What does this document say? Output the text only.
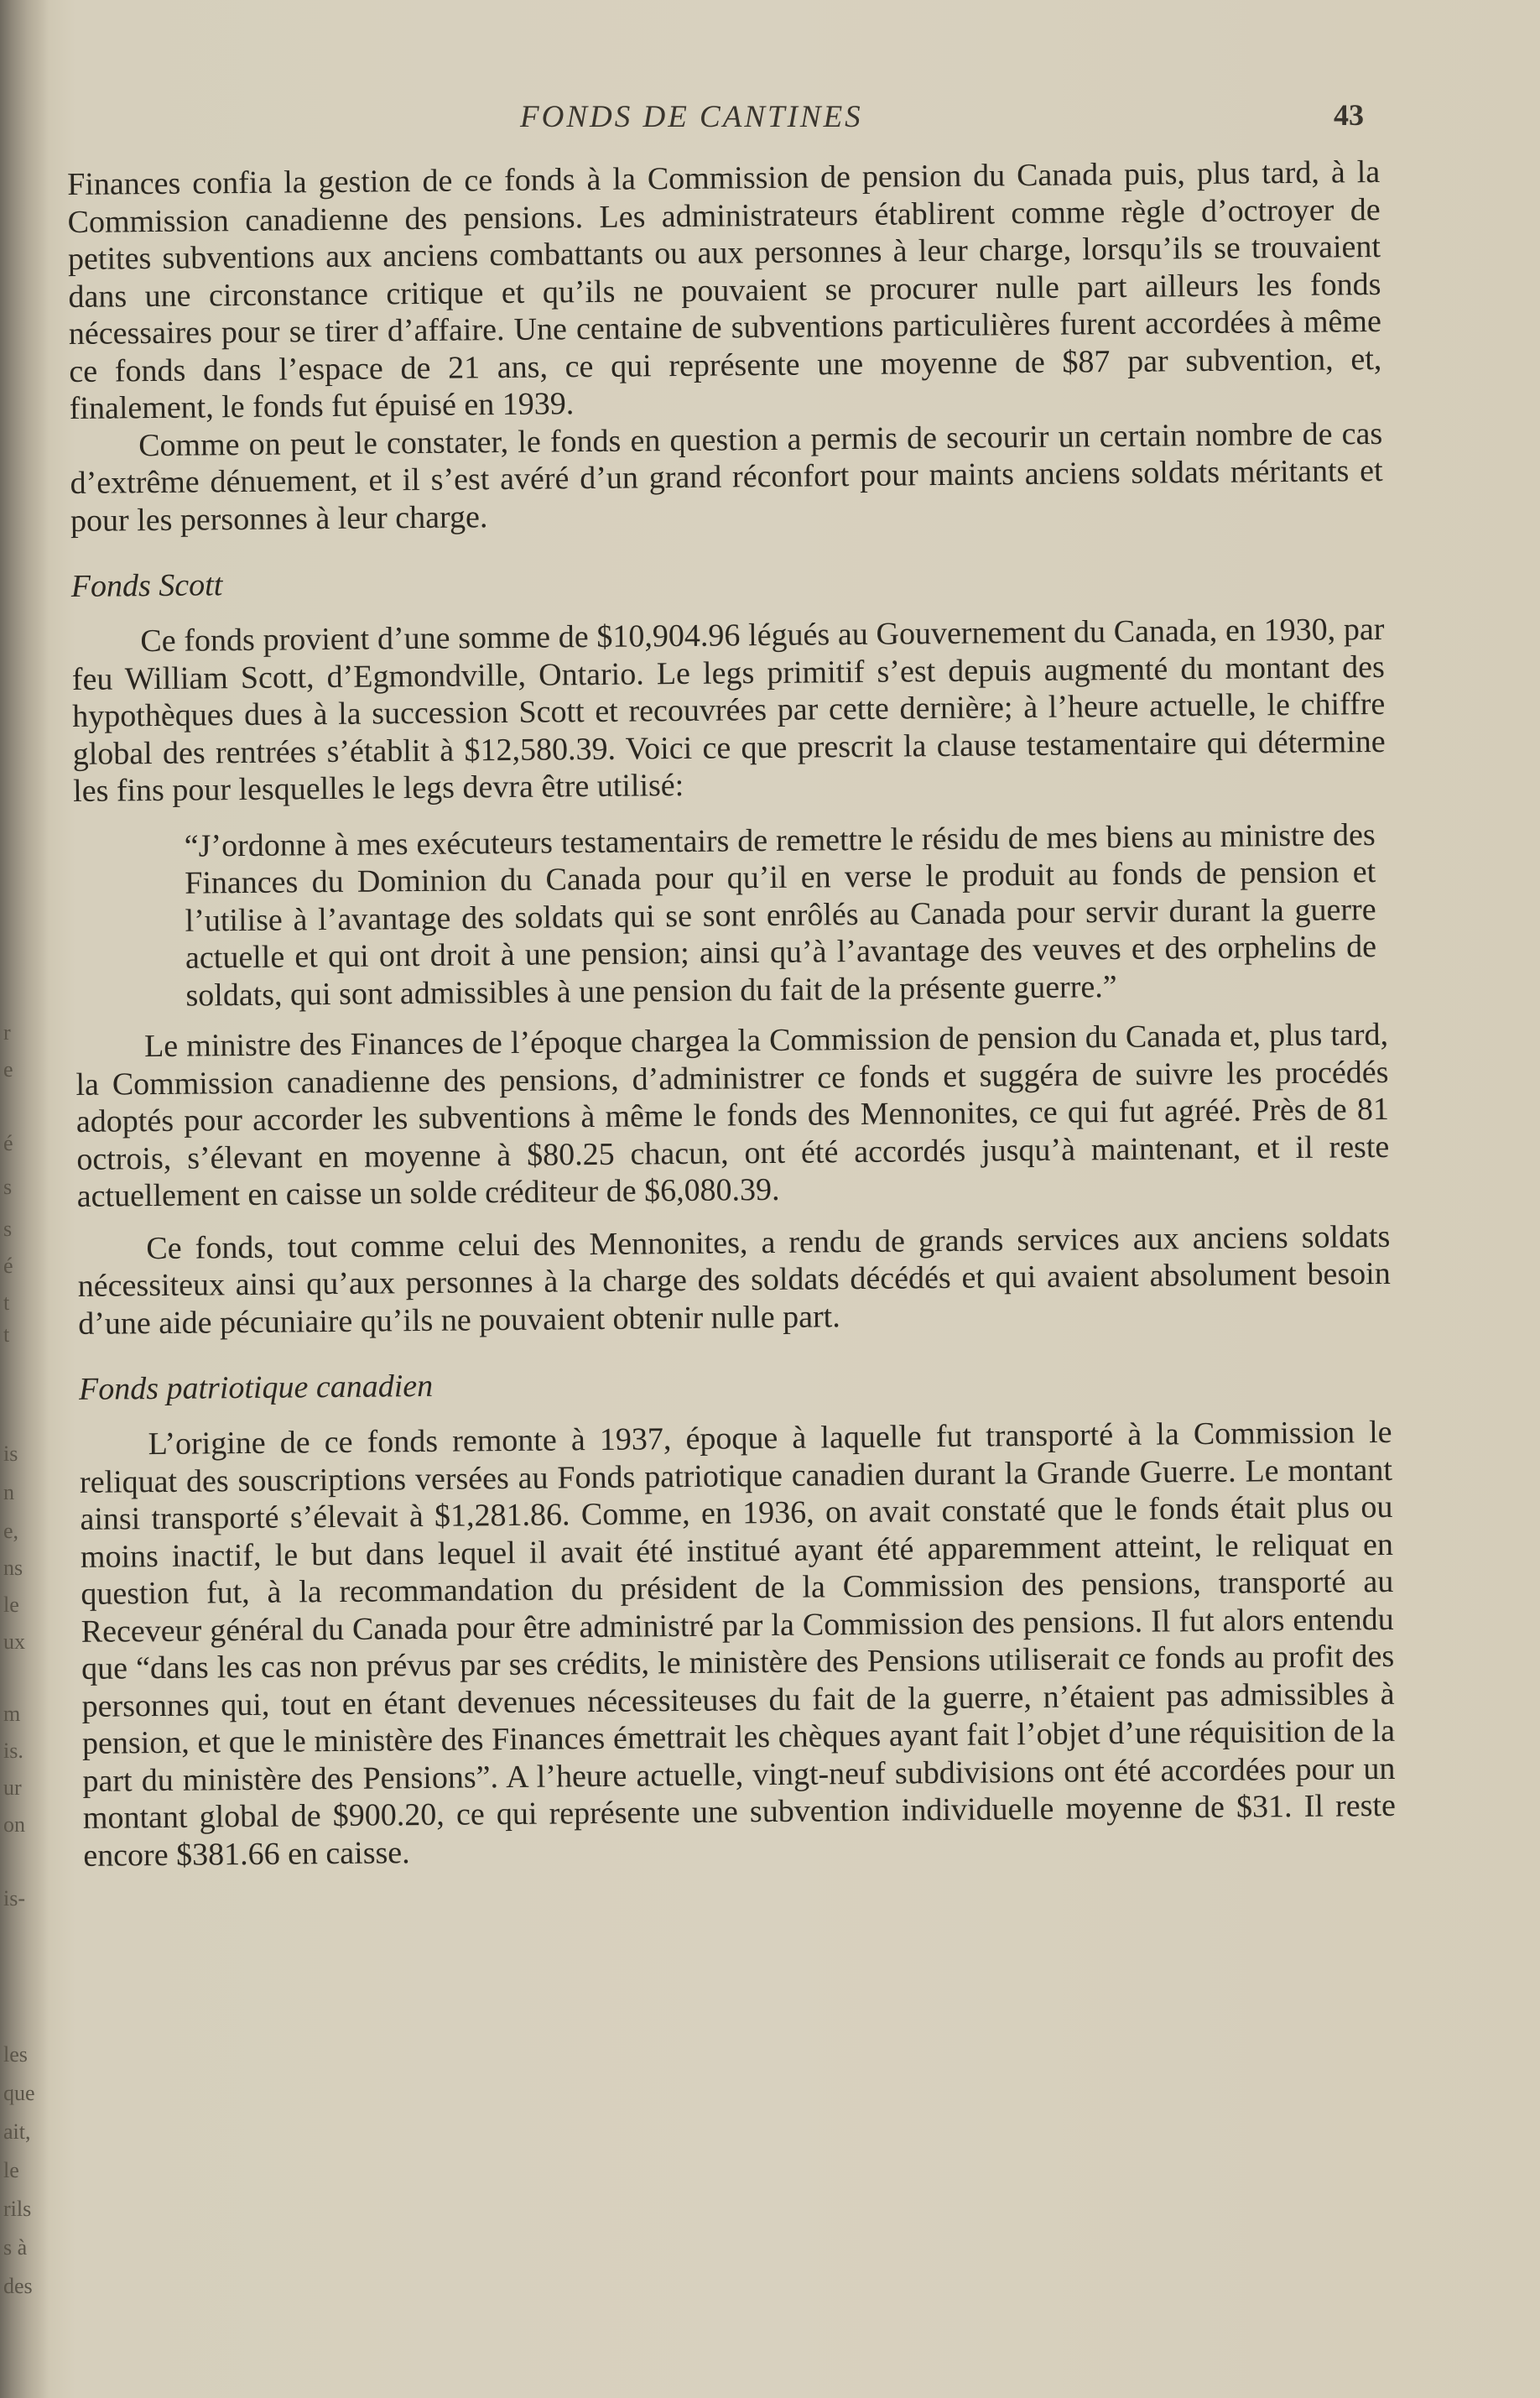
r
e
é
s
s
é
t
t
is
n
e,
ns
le
ux
m
is.
ur
on
is-
les
que
ait,
le
rils
s à
des
FONDS DE CANTINES	43

Finances confia la gestion de ce fonds à la Commission de pension du Canada puis, plus tard, à la Commission canadienne des pensions. Les administrateurs établirent comme règle d’octroyer de petites subventions aux anciens combattants ou aux personnes à leur charge, lorsqu’ils se trouvaient dans une circonstance critique et qu’ils ne pouvaient se procurer nulle part ailleurs les fonds nécessaires pour se tirer d’affaire. Une centaine de subventions particulières furent accordées à même ce fonds dans l’espace de 21 ans, ce qui représente une moyenne de $87 par subvention, et, finalement, le fonds fut épuisé en 1939.

Comme on peut le constater, le fonds en question a permis de secourir un certain nombre de cas d’extrême dénuement, et il s’est avéré d’un grand réconfort pour maints anciens soldats méritants et pour les personnes à leur charge.

Fonds Scott

Ce fonds provient d’une somme de $10,904.96 légués au Gouvernement du Canada, en 1930, par feu William Scott, d’Egmondville, Ontario. Le legs primitif s’est depuis augmenté du montant des hypothèques dues à la succession Scott et recouvrées par cette dernière; à l’heure actuelle, le chiffre global des rentrées s’établit à $12,580.39. Voici ce que prescrit la clause testamentaire qui détermine les fins pour lesquelles le legs devra être utilisé:

“J’ordonne à mes exécuteurs testamentairs de remettre le résidu de mes biens au ministre des Finances du Dominion du Canada pour qu’il en verse le produit au fonds de pension et l’utilise à l’avantage des soldats qui se sont enrôlés au Canada pour servir durant la guerre actuelle et qui ont droit à une pension; ainsi qu’à l’avantage des veuves et des orphelins de soldats, qui sont admissibles à une pension du fait de la présente guerre.”

Le ministre des Finances de l’époque chargea la Commission de pension du Canada et, plus tard, la Commission canadienne des pensions, d’administrer ce fonds et suggéra de suivre les procédés adoptés pour accorder les subventions à même le fonds des Mennonites, ce qui fut agréé. Près de 81 octrois, s’élevant en moyenne à $80.25 chacun, ont été accordés jusqu’à maintenant, et il reste actuellement en caisse un solde créditeur de $6,080.39.

Ce fonds, tout comme celui des Mennonites, a rendu de grands services aux anciens soldats nécessiteux ainsi qu’aux personnes à la charge des soldats décédés et qui avaient absolument besoin d’une aide pécuniaire qu’ils ne pouvaient obtenir nulle part.

Fonds patriotique canadien

L’origine de ce fonds remonte à 1937, époque à laquelle fut transporté à la Commission le reliquat des souscriptions versées au Fonds patriotique canadien durant la Grande Guerre. Le montant ainsi transporté s’élevait à $1,281.86. Comme, en 1936, on avait constaté que le fonds était plus ou moins inactif, le but dans lequel il avait été institué ayant été apparemment atteint, le reliquat en question fut, à la recommandation du président de la Commission des pensions, transporté au Receveur général du Canada pour être administré par la Commission des pensions. Il fut alors entendu que “dans les cas non prévus par ses crédits, le ministère des Pensions utiliserait ce fonds au profit des personnes qui, tout en étant devenues nécessiteuses du fait de la guerre, n’étaient pas admissibles à pension, et que le ministère des Finances émettrait les chèques ayant fait l’objet d’une réquisition de la part du ministère des Pensions”. A l’heure actuelle, vingt-neuf subdivisions ont été accordées pour un montant global de $900.20, ce qui représente une subvention individuelle moyenne de $31. Il reste encore $381.66 en caisse.
